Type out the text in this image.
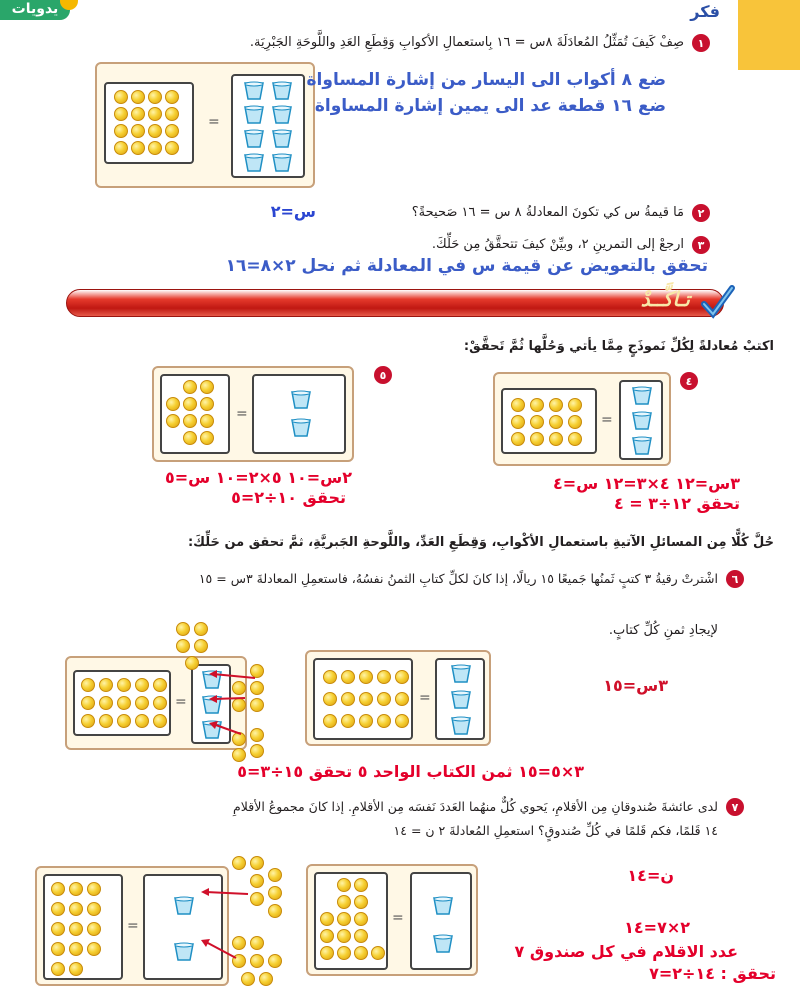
يدويات	فكر
١
صِفْ كَيفَ تُمَثِّلُ المُعادَلَةَ ٨س = ١٦ بِاستعمالِ الأكوابِ وَقِطَعِ العَدِ واللَّوحَةِ الجَبْرِيَة.
=
ضع ٨ أكواب الى اليسار من إشارة المساواة
ضع ١٦ قطعة عد الى يمين إشارة المساواة
٢
مَا قيمةُ س كي تكونَ المعادلةُ ٨ س = ١٦ صَحيحةً؟
س=٢
٣
ارجعْ إلى التمرينِ ٢، وبيِّنْ كيفَ تتحقَّقُ مِن حَلِّكَ.
تحقق بالتعويض عن قيمة س في المعادلة ثم نحل ٢×٨=١٦
تـاكَّــدْ
اكتبْ مُعادلةً لِكُلِّ نَموذَجٍ مِمَّا يأتي وَحُلَّها ثُمَّ تَحقَّقْ:
٥
=
٤
=
٣س=١٢ ٤×٣=١٢ س=٤
تحقق ١٢÷٣ = ٤
٢س=١٠ ٥×٢=١٠ س=٥
تحقق ١٠÷٢=٥
حُلَّ كُلًّا مِن المسائلِ الآتيةِ باستعمالِ الأكْوابِ، وَقِطَعِ العَدِّ، واللَّوحةِ الجَبريَّةِ، ثمَّ تحقق من حَلِّكَ:
٦
اشْترتْ رقيةُ ٣ كتبٍ ثَمنُها جَميعًا ١٥ ريالًا، إذا كانَ لكلِّ كتابِ الثمنُ نفسُهُ، فاستعمِلِ المعادلةَ ٣س = ١٥
لإيجادِ ثمنِ كُلِّ كتابٍ.
=	=
٣س=١٥
٣×٥=١٥ ثمن الكتاب الواحد ٥ تحقق ١٥÷٣=٥
٧
لدى عائشةَ صُندوقانِ مِن الأقلامِ، يَحوي كُلٌّ منهُما العَددَ نَفسَه مِن الأقلامِ. إذا كانَ مجموعُ الأقلامِ
١٤ قَلمًا، فكم قَلمًا في كُلِّ صُندوقٍ؟ استعمِلِ المُعادلةَ ٢ ن = ١٤
=	=
ن=١٤
٢×٧=١٤
عدد الاقلام في كل صندوق ٧
تحقق : ١٤÷٢=٧
